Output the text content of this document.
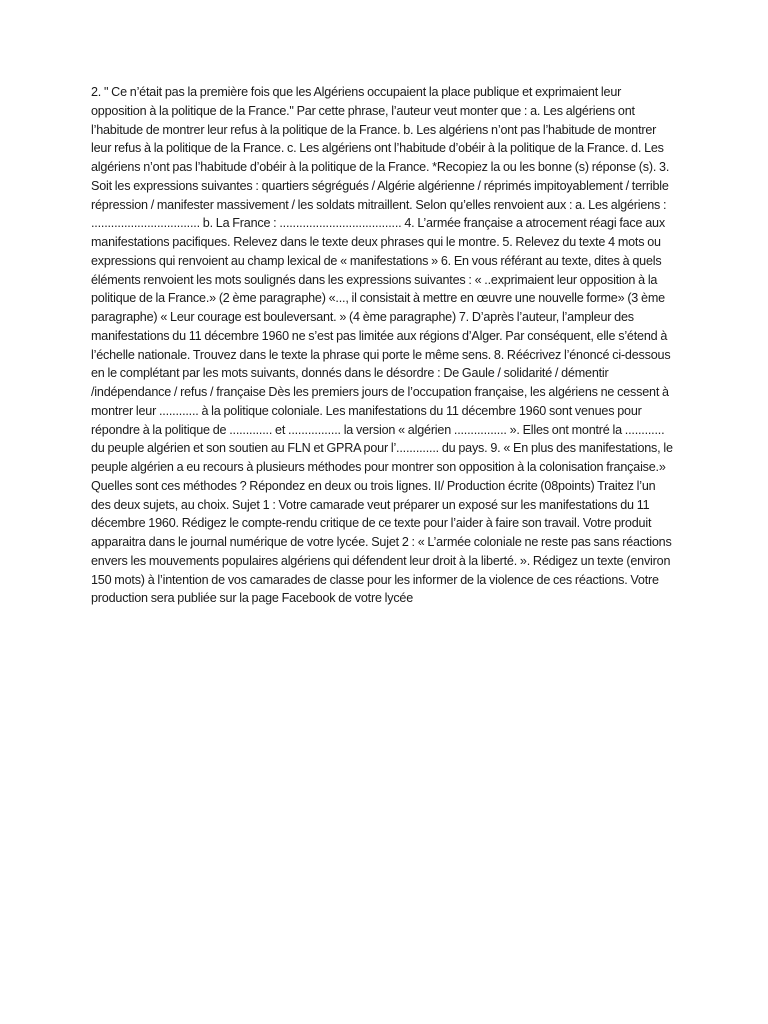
2. " Ce n’était pas la première fois que les Algériens occupaient la place publique et exprimaient leur opposition à la politique de la France." Par cette phrase, l’auteur veut monter que : a. Les algériens ont l’habitude de montrer leur refus à la politique de la France. b. Les algériens n’ont pas l’habitude de montrer leur refus à la politique de la France. c. Les algériens ont l’habitude d’obéir à la politique de la France. d. Les algériens n’ont pas l’habitude d’obéir à la politique de la France. *Recopiez la ou les bonne (s) réponse (s). 3. Soit les expressions suivantes : quartiers ségrégués / Algérie algérienne / réprimés impitoyablement / terrible répression / manifester massivement / les soldats mitraillent. Selon qu’elles renvoient aux : a. Les algériens : ................................. b. La France : ..................................... 4. L’armée française a atrocement réagi face aux manifestations pacifiques. Relevez dans le texte deux phrases qui le montre. 5. Relevez du texte 4 mots ou expressions qui renvoient au champ lexical de « manifestations » 6. En vous référant au texte, dites à quels éléments renvoient les mots soulignés dans les expressions suivantes : « ..exprimaient leur opposition à la politique de la France.» (2 ème paragraphe) «..., il consistait à mettre en œuvre une nouvelle forme» (3 ème paragraphe) « Leur courage est bouleversant. » (4 ème paragraphe) 7. D’après l’auteur, l’ampleur des manifestations du 11 décembre 1960 ne s’est pas limitée aux régions d’Alger. Par conséquent, elle s’étend à l’échelle nationale. Trouvez dans le texte la phrase qui porte le même sens. 8. Réécrivez l’énoncé ci-dessous en le complétant par les mots suivants, donnés dans le désordre : De Gaule / solidarité / démentir /indépendance / refus / française Dès les premiers jours de l’occupation française, les algériens ne cessent à montrer leur ............ à la politique coloniale. Les manifestations du 11 décembre 1960 sont venues pour répondre à la politique de ............. et ................ la version « algérien ................ ». Elles ont montré la ............ du peuple algérien et son soutien au FLN et GPRA pour l’............. du pays. 9. « En plus des manifestations, le peuple algérien a eu recours à plusieurs méthodes pour montrer son opposition à la colonisation française.» Quelles sont ces méthodes ? Répondez en deux ou trois lignes. II/ Production écrite (08points) Traitez l’un des deux sujets, au choix. Sujet 1 : Votre camarade veut préparer un exposé sur les manifestations du 11 décembre 1960. Rédigez le compte-rendu critique de ce texte pour l’aider à faire son travail. Votre produit apparaitra dans le journal numérique de votre lycée. Sujet 2 : « L’armée coloniale ne reste pas sans réactions envers les mouvements populaires algériens qui défendent leur droit à la liberté. ». Rédigez un texte (environ 150 mots) à l’intention de vos camarades de classe pour les informer de la violence de ces réactions. Votre production sera publiée sur la page Facebook de votre lycée
